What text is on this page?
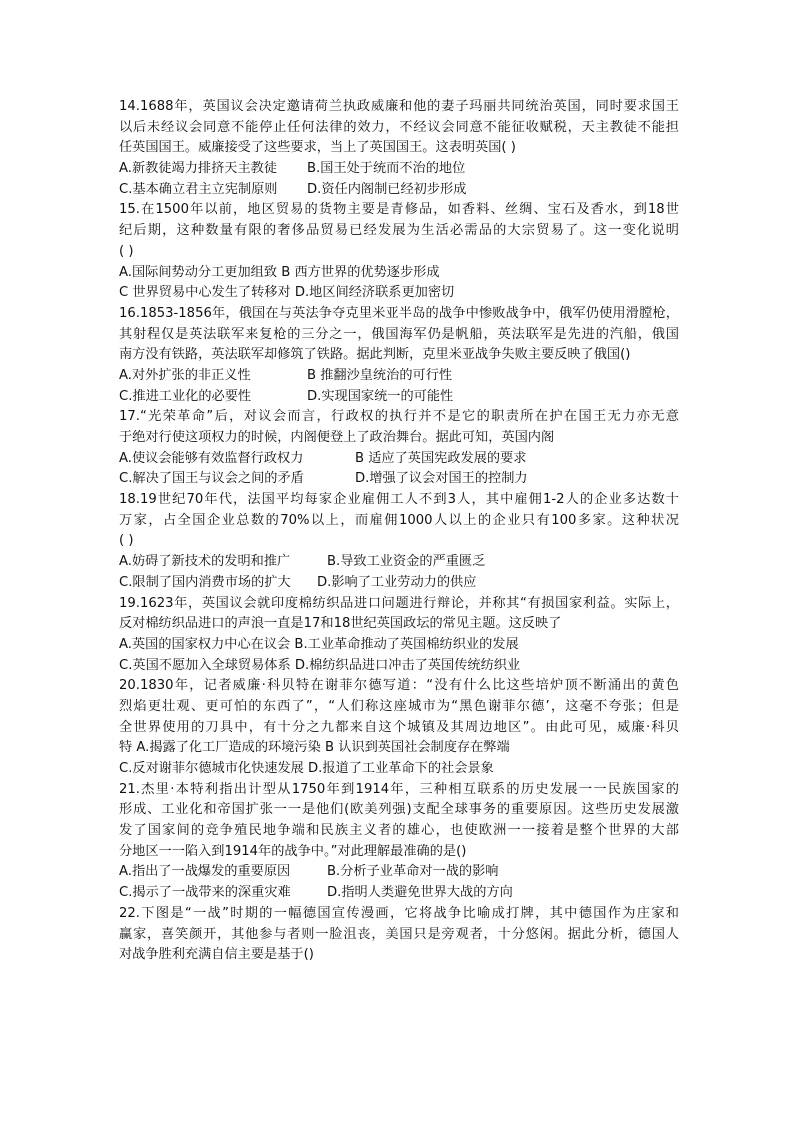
14.1688年，英国议会决定邀请荷兰执政威廉和他的妻子玛丽共同统治英国，同时要求国王
以后未经议会同意不能停止任何法律的效力，不经议会同意不能征收赋税，天主教徒不能担
任英国国王。威廉接受了这些要求，当上了英国国王。这表明英国( )
A.新教徒竭力排挤天主教徒 B.国王处于统而不治的地位
C.基本确立君主立宪制原则 D.资任内阁制已经初步形成
15.在1500年以前，地区贸易的货物主要是青修品，如香料、丝绸、宝石及香水，到18世
纪后期，这种数量有限的奢侈品贸易已经发展为生活必需品的大宗贸易了。这一变化说明
( )
A.国际间势动分工更加组致 B 西方世界的优势逐步形成
C 世界贸易中心发生了转移对 D.地区间经济联系更加密切
16.1853-1856年，俄国在与英法争夺克里米亚半岛的战争中惨败战争中，俄军仍使用滑膛枪，
其射程仅是英法联军来复枪的三分之一，俄国海军仍是帆船，英法联军是先进的汽船，俄国
南方没有铁路，英法联军却修筑了铁路。据此判断，克里米亚战争失败主要反映了俄国()
A.对外扩张的非正义性	B 推翻沙皇统治的可行性
C.推进工业化的必要性	D.实现国家统一的可能性
17.“光荣革命”后，对议会而言，行政权的执行并不是它的职责所在护在国王无力亦无意
于绝对行使这项权力的时候，内阁便登上了政治舞台。据此可知，英国内阁
A.使议会能够有效监督行政权力	B 适应了英国宪政发展的要求
C.解决了国王与议会之间的矛盾	D.增强了议会对国王的控制力
18.19世纪70年代，法国平均每家企业雇佣工人不到3人，其中雇佣1-2人的企业多达数十
万家，占全国企业总数的70%以上，而雇佣1000人以上的企业只有100多家。这种状况
( )
A.妨碍了新技术的发明和推广	B.导致工业资金的严重匮乏
C.限制了国内消费市场的扩大 D.影响了工业劳动力的供应
19.1623年，英国议会就印度棉纺织品进口问题进行辩论，并称其“有损国家利益。实际上，
反对棉纺织品进口的声浪一直是17和18世纪英国政坛的常见主题。这反映了
A.英国的国家权力中心在议会 B.工业革命推动了英国棉纺织业的发展
C.英国不愿加入全球贸易体系 D.棉纺织品进口冲击了英国传统纺织业
20.1830年，记者威廉·科贝特在谢菲尔德写道：“没有什么比这些培炉顶不断涌出的黄色
烈焰更壮观、更可怕的东西了”，“人们称这座城市为“黑色谢菲尔德’，这毫不夸张；但是
全世界使用的刀具中，有十分之九都来自这个城镇及其周边地区”。由此可见，威廉·科贝
特 A.揭露了化工厂造成的环境污染 B 认识到英国社会制度存在弊端
C.反对谢菲尔德城市化快速发展 D.报道了工业革命下的社会景象
21.杰里·本特利指出计型从1750年到1914年，三种相互联系的历史发展一一民族国家的
形成、工业化和帝国扩张一一是他们(欧美列强)支配全球事务的重要原因。这些历史发展激
发了国家间的竞争殖民地争端和民族主义者的雄心，也使欧洲一一接着是整个世界的大部
分地区一一陷入到1914年的战争中。”对此理解最准确的是()
A.指出了一战爆发的重要原因	B.分析子业革命对一战的影响
C.揭示了一战带来的深重灾难	D.指明人类避免世界大战的方向
22.下图是“一战”时期的一幅德国宣传漫画，它将战争比喻成打牌，其中德国作为庄家和
赢家，喜笑颜开，其他参与者则一脸沮丧，美国只是旁观者，十分悠闲。据此分析，德国人
对战争胜利充满自信主要是基于()
